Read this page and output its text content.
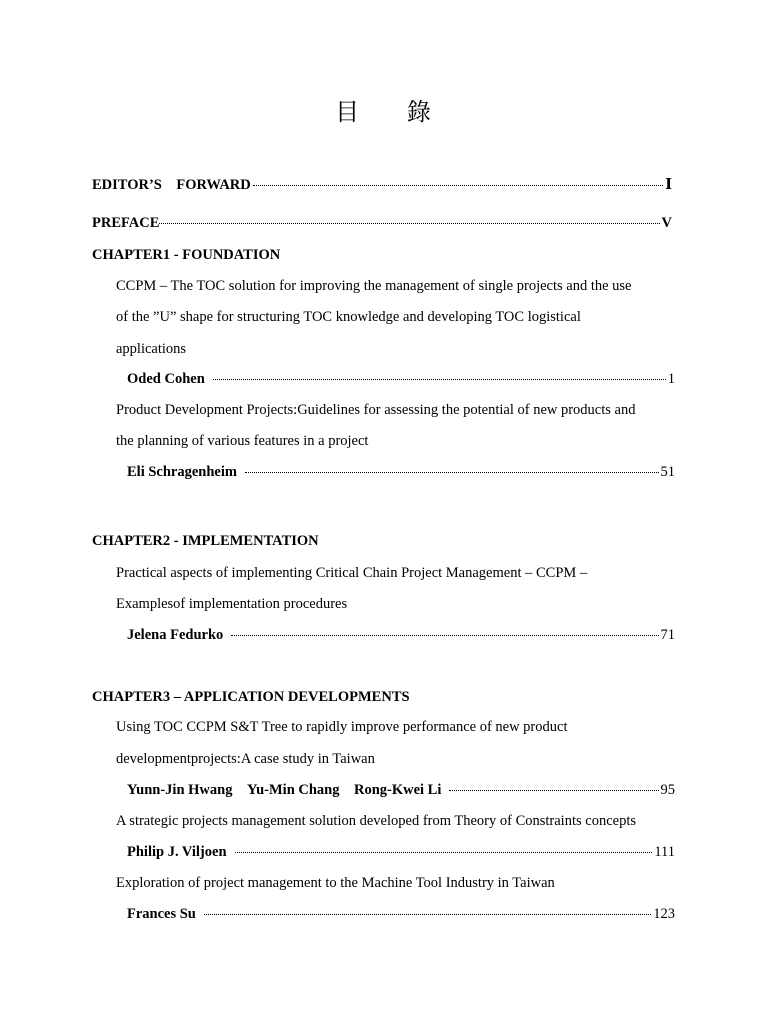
目 錄
EDITOR’S　FORWARD	Ⅰ
PREFACE	V
CHAPTER1 - FOUNDATION
CCPM – The TOC solution for improving the management of single projects and the use
of the ”U” shape for structuring TOC knowledge and developing TOC logistical
applications
Oded Cohen	1
Product Development Projects:Guidelines for assessing the potential of new products and
the planning of various features in a project
Eli Schragenheim	51
CHAPTER2 - IMPLEMENTATION
Practical aspects of implementing Critical Chain Project Management – CCPM –
Examplesof implementation procedures
Jelena Fedurko	71
CHAPTER3 – APPLICATION DEVELOPMENTS
Using TOC CCPM S&T Tree to rapidly improve performance of new product
developmentprojects:A case study in Taiwan
Yunn-Jin Hwang　Yu-Min Chang　Rong-Kwei Li	95
A strategic projects management solution developed from Theory of Constraints concepts
Philip J. Viljoen	111
Exploration of project management to the Machine Tool Industry in Taiwan
Frances Su	123
